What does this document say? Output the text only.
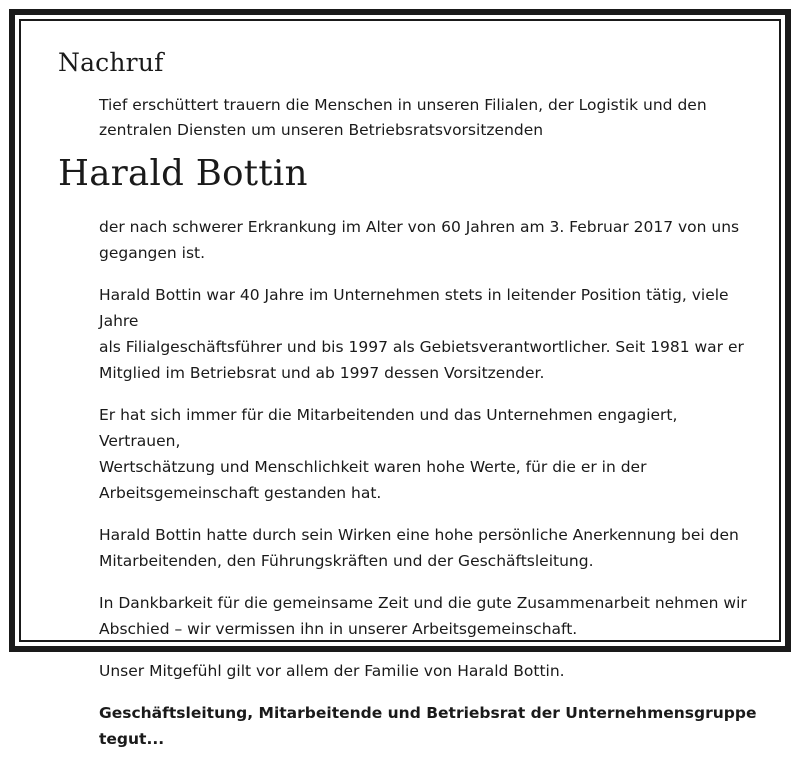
Nachruf
Tief erschüttert trauern die Menschen in unseren Filialen, der Logistik und den
zentralen Diensten um unseren Betriebsratsvorsitzenden
Harald Bottin

der nach schwerer Erkrankung im Alter von 60 Jahren am 3. Februar 2017 von uns
gegangen ist.

Harald Bottin war 40 Jahre im Unternehmen stets in leitender Position tätig, viele Jahre
als Filialgeschäftsführer und bis 1997 als Gebietsverantwortlicher. Seit 1981 war er
Mitglied im Betriebsrat und ab 1997 dessen Vorsitzender.

Er hat sich immer für die Mitarbeitenden und das Unternehmen engagiert, Vertrauen,
Wertschätzung und Menschlichkeit waren hohe Werte, für die er in der
Arbeitsgemeinschaft gestanden hat.

Harald Bottin hatte durch sein Wirken eine hohe persönliche Anerkennung bei den
Mitarbeitenden, den Führungskräften und der Geschäftsleitung.

In Dankbarkeit für die gemeinsame Zeit und die gute Zusammenarbeit nehmen wir
Abschied – wir vermissen ihn in unserer Arbeitsgemeinschaft.

Unser Mitgefühl gilt vor allem der Familie von Harald Bottin.

Geschäftsleitung, Mitarbeitende und Betriebsrat der Unternehmensgruppe tegut...
